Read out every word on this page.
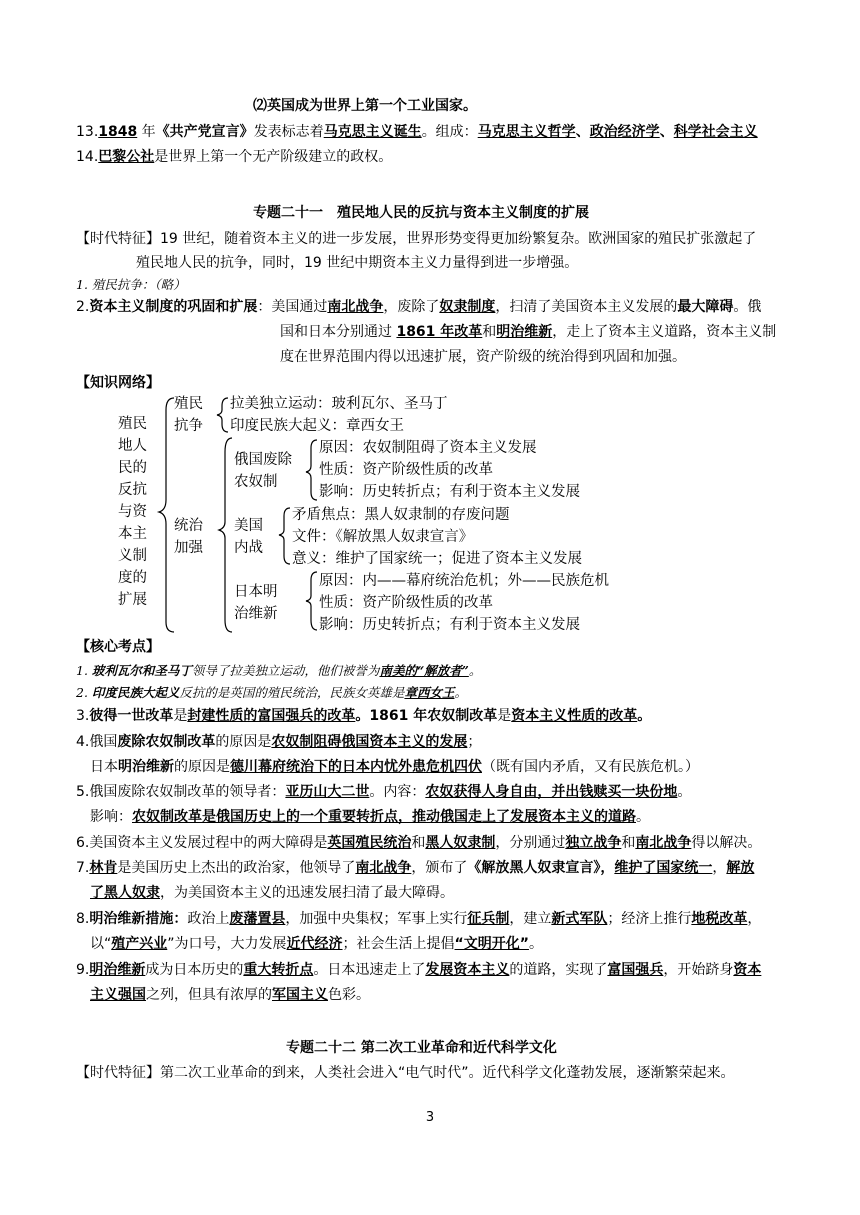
⑵英国成为世界上第一个工业国家。
13.1848 年《共产党宣言》发表标志着马克思主义诞生。组成：马克思主义哲学、政治经济学、科学社会主义
14.巴黎公社是世界上第一个无产阶级建立的政权。
专题二十一　殖民地人民的反抗与资本主义制度的扩展
【时代特征】19 世纪，随着资本主义的进一步发展，世界形势变得更加纷繁复杂。欧洲国家的殖民扩张激起了
殖民地人民的抗争，同时，19 世纪中期资本主义力量得到进一步增强。
1. 殖民抗争：（略）
2.资本主义制度的巩固和扩展：美国通过南北战争，废除了奴隶制度，扫清了美国资本主义发展的最大障碍。俄
国和日本分别通过 1861 年改革和明治维新，走上了资本主义道路，资本主义制
度在世界范围内得以迅速扩展，资产阶级的统治得到巩固和加强。
【知识网络】
殖民
地人
民的
反抗
与资
本主
义制
度的
扩展
殖民
抗争
拉美独立运动：玻利瓦尔、圣马丁
印度民族大起义：章西女王
统治
加强
俄国废除
农奴制
原因：农奴制阻碍了资本主义发展
性质：资产阶级性质的改革
影响：历史转折点；有利于资本主义发展
美国
内战
矛盾焦点：黑人奴隶制的存废问题
文件：《解放黑人奴隶宣言》
意义：维护了国家统一；促进了资本主义发展
日本明
治维新
原因：内——幕府统治危机；外——民族危机
性质：资产阶级性质的改革
影响：历史转折点；有利于资本主义发展
【核心考点】
1. 玻利瓦尔和圣马丁领导了拉美独立运动，他们被誉为南美的“解放者”。
2. 印度民族大起义反抗的是英国的殖民统治，民族女英雄是章西女王。
3.彼得一世改革是封建性质的富国强兵的改革。1861 年农奴制改革是资本主义性质的改革。
4.俄国废除农奴制改革的原因是农奴制阻碍俄国资本主义的发展；
日本明治维新的原因是德川幕府统治下的日本内忧外患危机四伏（既有国内矛盾，又有民族危机。）
5.俄国废除农奴制改革的领导者：亚历山大二世。内容：农奴获得人身自由，并出钱赎买一块份地。
影响：农奴制改革是俄国历史上的一个重要转折点，推动俄国走上了发展资本主义的道路。
6.美国资本主义发展过程中的两大障碍是英国殖民统治和黑人奴隶制，分别通过独立战争和南北战争得以解决。
7.林肯是美国历史上杰出的政治家，他领导了南北战争，颁布了《解放黑人奴隶宣言》，维护了国家统一，解放
了黑人奴隶，为美国资本主义的迅速发展扫清了最大障碍。
8.明治维新措施：政治上废藩置县，加强中央集权；军事上实行征兵制，建立新式军队；经济上推行地税改革，
以“殖产兴业”为口号，大力发展近代经济；社会生活上提倡“文明开化”。
9.明治维新成为日本历史的重大转折点。日本迅速走上了发展资本主义的道路，实现了富国强兵，开始跻身资本
主义强国之列，但具有浓厚的军国主义色彩。
专题二十二 第二次工业革命和近代科学文化
【时代特征】第二次工业革命的到来，人类社会进入“电气时代”。近代科学文化蓬勃发展，逐渐繁荣起来。
3
